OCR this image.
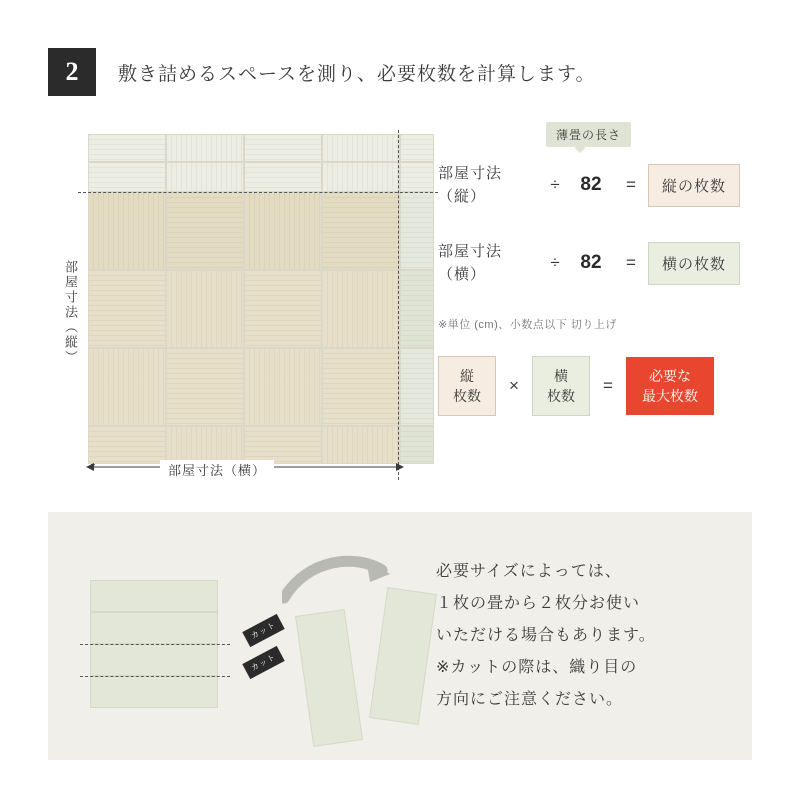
2	敷き詰めるスペースを測り、必要枚数を計算します。
部屋寸法（縦）
部屋寸法（横）
薄畳の長さ
部屋寸法
（縦）
÷	82	=	縦の枚数
部屋寸法
（横）
÷	82	=	横の枚数
※単位 (cm)、小数点以下 切り上げ
縦
枚数
×	横
枚数
=	必要な
最大枚数
カット
カット
必要サイズによっては、
１枚の畳から２枚分お使い
いただける場合もあります。
※カットの際は、織り目の
方向にご注意ください。
